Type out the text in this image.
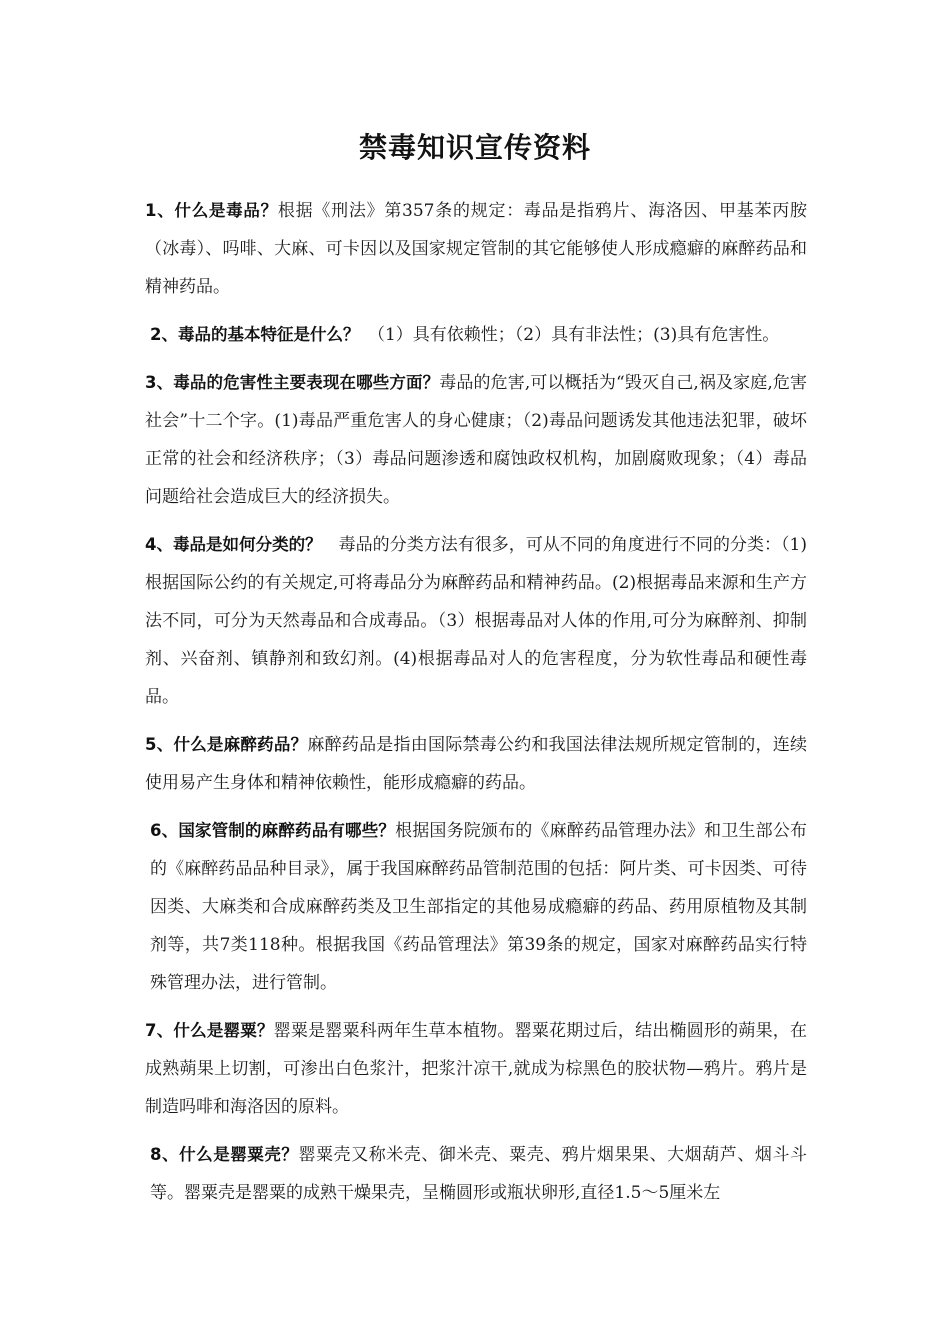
禁毒知识宣传资料

1、什么是毒品？根据《刑法》第357条的规定：毒品是指鸦片、海洛因、甲基苯丙胺（冰毒）、吗啡、大麻、可卡因以及国家规定管制的其它能够使人形成瘾癖的麻醉药品和精神药品。

2、毒品的基本特征是什么？　（1）具有依赖性；（2）具有非法性；(3)具有危害性。

3、毒品的危害性主要表现在哪些方面？毒品的危害,可以概括为“毁灭自己,祸及家庭,危害社会”十二个字。(1)毒品严重危害人的身心健康；（2)毒品问题诱发其他违法犯罪，破坏正常的社会和经济秩序；（3）毒品问题渗透和腐蚀政权机构，加剧腐败现象；（4）毒品问题给社会造成巨大的经济损失。

4、毒品是如何分类的？　毒品的分类方法有很多，可从不同的角度进行不同的分类：（1)根据国际公约的有关规定,可将毒品分为麻醉药品和精神药品。(2)根据毒品来源和生产方法不同，可分为天然毒品和合成毒品。（3）根据毒品对人体的作用,可分为麻醉剂、抑制剂、兴奋剂、镇静剂和致幻剂。(4)根据毒品对人的危害程度，分为软性毒品和硬性毒品。

5、什么是麻醉药品？麻醉药品是指由国际禁毒公约和我国法律法规所规定管制的，连续使用易产生身体和精神依赖性，能形成瘾癖的药品。

6、国家管制的麻醉药品有哪些？根据国务院颁布的《麻醉药品管理办法》和卫生部公布的《麻醉药品品种目录》，属于我国麻醉药品管制范围的包括：阿片类、可卡因类、可待因类、大麻类和合成麻醉药类及卫生部指定的其他易成瘾癖的药品、药用原植物及其制剂等，共7类118种。根据我国《药品管理法》第39条的规定，国家对麻醉药品实行特殊管理办法，进行管制。

7、什么是罂粟？罂粟是罂粟科两年生草本植物。罂粟花期过后，结出椭圆形的蒴果，在成熟蒴果上切割，可渗出白色浆汁，把浆汁凉干,就成为棕黑色的胶状物—鸦片。鸦片是制造吗啡和海洛因的原料。

8、什么是罂粟壳？罂粟壳又称米壳、御米壳、粟壳、鸦片烟果果、大烟葫芦、烟斗斗等。罂粟壳是罂粟的成熟干燥果壳，呈椭圆形或瓶状卵形,直径1.5～5厘米左
